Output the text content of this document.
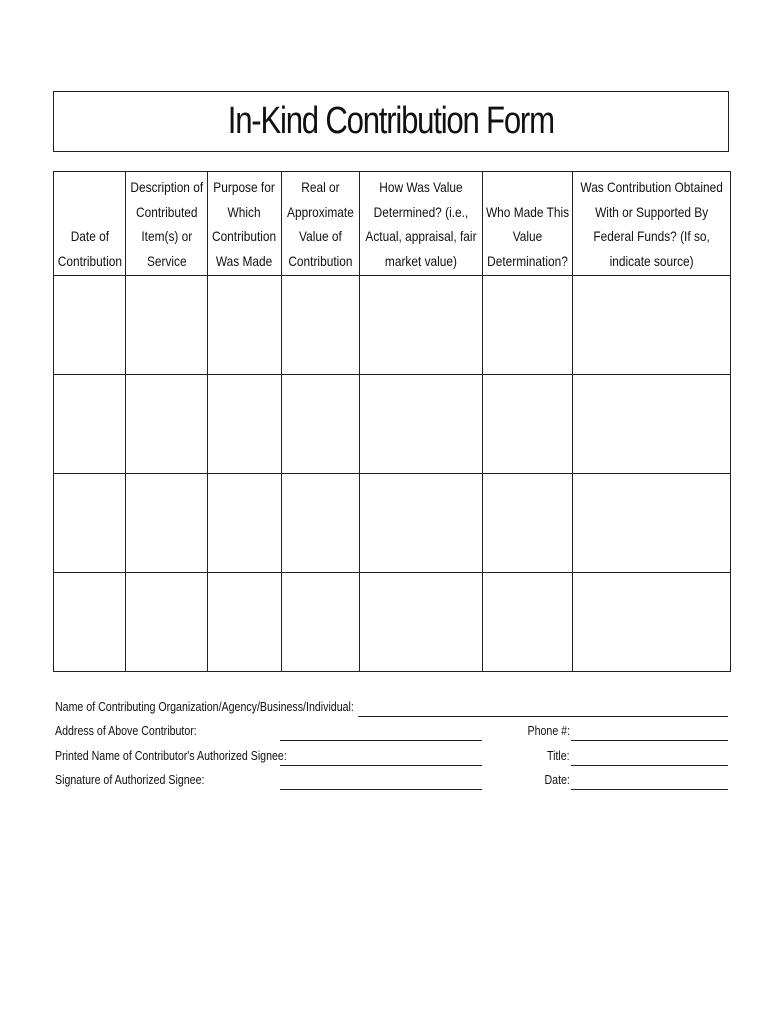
In-Kind Contribution Form
Date of
Contribution	Description of
Contributed
Item(s) or
Service	Purpose for
Which
Contribution
Was Made	Real or
Approximate
Value of
Contribution	How Was Value
Determined? (i.e.,
Actual, appraisal, fair
market value)	Who Made This
Value
Determination?	Was Contribution Obtained
With or Supported By
Federal Funds? (If so,
indicate source)

Name of Contributing Organization/Agency/Business/Individual:
Address of Above Contributor:	Phone #:
Printed Name of Contributor's Authorized Signee:	Title:
Signature of Authorized Signee:	Date:
